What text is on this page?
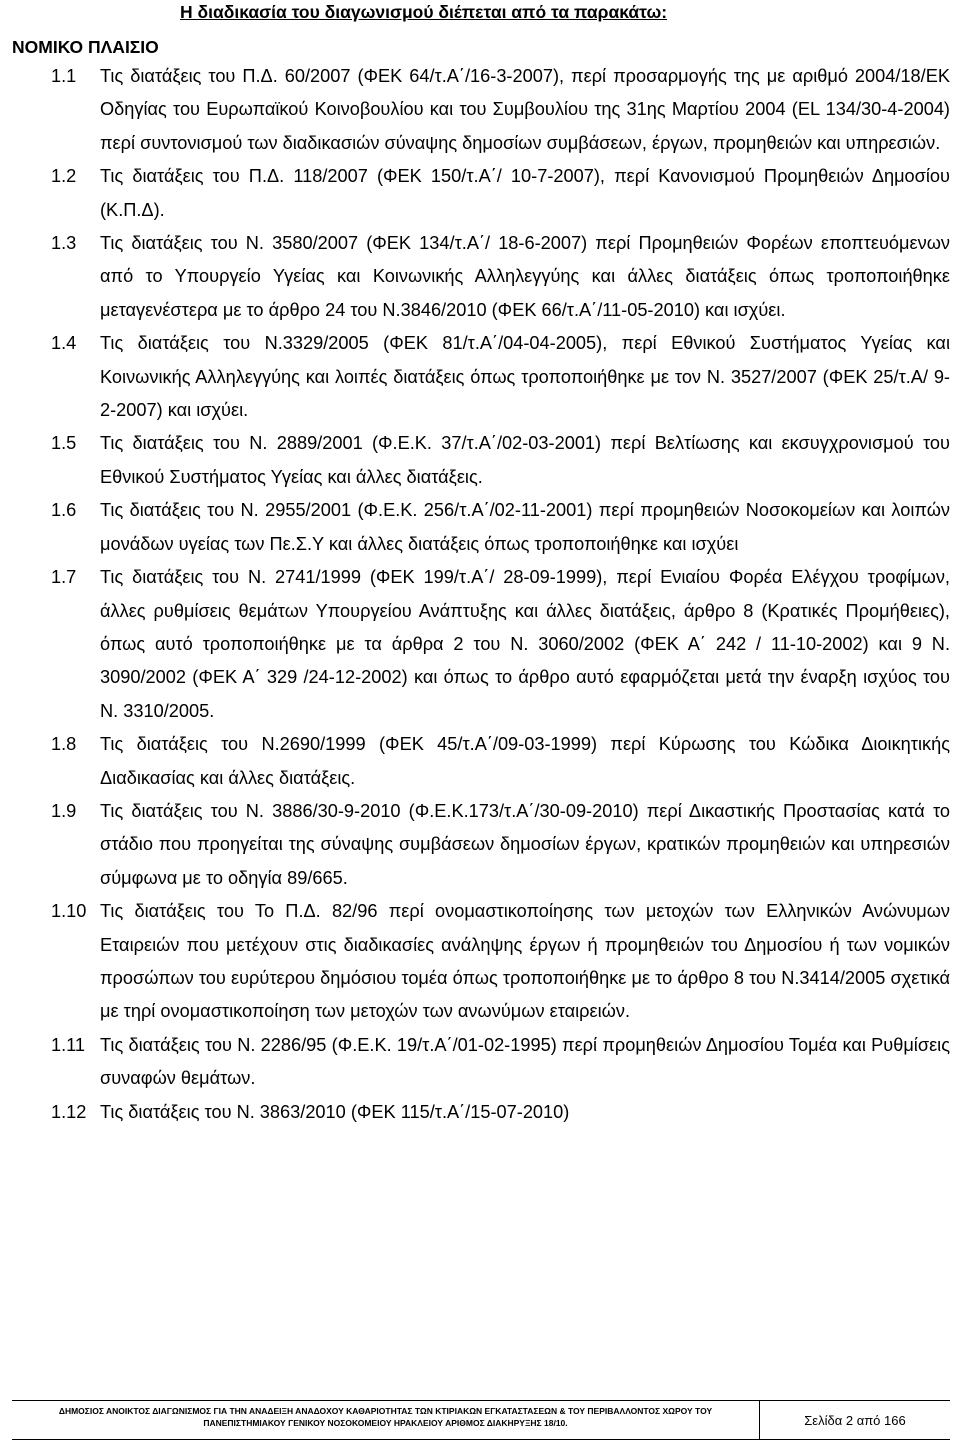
Η διαδικασία του διαγωνισμού διέπεται από τα παρακάτω:
ΝΟΜΙΚΟ ΠΛΑΙΣΙΟ
1.1	Τις διατάξεις του Π.Δ. 60/2007 (ΦΕΚ 64/τ.Α΄/16-3-2007), περί προσαρμογής της με αριθμό 2004/18/ΕΚ Οδηγίας του Ευρωπαϊκού Κοινοβουλίου και του Συμβουλίου της 31ης Μαρτίου 2004 (EL 134/30-4-2004) περί συντονισμού των διαδικασιών σύναψης δημοσίων συμβάσεων, έργων, προμηθειών και υπηρεσιών.
1.2	Τις διατάξεις του Π.Δ. 118/2007 (ΦΕΚ 150/τ.Α΄/ 10-7-2007), περί Κανονισμού Προμηθειών Δημοσίου (Κ.Π.Δ).
1.3	Τις διατάξεις του Ν. 3580/2007 (ΦΕΚ 134/τ.Α΄/ 18-6-2007) περί Προμηθειών Φορέων εποπτευόμενων από το Υπουργείο Υγείας και Κοινωνικής Αλληλεγγύης και άλλες διατάξεις όπως τροποποιήθηκε μεταγενέστερα με το άρθρο 24 του Ν.3846/2010 (ΦΕΚ 66/τ.Α΄/11-05-2010) και ισχύει.
1.4	Τις διατάξεις του Ν.3329/2005 (ΦΕΚ 81/τ.Α΄/04-04-2005), περί Εθνικού Συστήματος Υγείας και Κοινωνικής Αλληλεγγύης και λοιπές διατάξεις όπως τροποποιήθηκε με τον Ν. 3527/2007 (ΦΕΚ 25/τ.Α/ 9-2-2007) και ισχύει.
1.5	Τις διατάξεις του Ν. 2889/2001 (Φ.Ε.Κ. 37/τ.Α΄/02-03-2001) περί Βελτίωσης και εκσυγχρονισμού του Εθνικού Συστήματος Υγείας και άλλες διατάξεις.
1.6	Τις διατάξεις του Ν. 2955/2001 (Φ.Ε.Κ. 256/τ.Α΄/02-11-2001) περί προμηθειών Νοσοκομείων και λοιπών μονάδων υγείας των Πε.Σ.Υ και άλλες διατάξεις όπως τροποποιήθηκε και ισχύει
1.7	Τις διατάξεις του Ν. 2741/1999 (ΦΕΚ 199/τ.Α΄/ 28-09-1999), περί Ενιαίου Φορέα Ελέγχου τροφίμων, άλλες ρυθμίσεις θεμάτων Υπουργείου Ανάπτυξης και άλλες διατάξεις, άρθρο 8 (Κρατικές Προμήθειες), όπως αυτό τροποποιήθηκε με τα άρθρα 2 του Ν. 3060/2002 (ΦΕΚ Α΄ 242 / 11-10-2002) και 9 Ν. 3090/2002 (ΦΕΚ Α΄ 329 /24-12-2002) και όπως το άρθρο αυτό εφαρμόζεται μετά την έναρξη ισχύος του Ν. 3310/2005.
1.8	Τις διατάξεις του Ν.2690/1999 (ΦΕΚ 45/τ.Α΄/09-03-1999) περί Κύρωσης του Κώδικα Διοικητικής Διαδικασίας και άλλες διατάξεις.
1.9	Τις διατάξεις του Ν. 3886/30-9-2010 (Φ.Ε.Κ.173/τ.Α΄/30-09-2010) περί Δικαστικής Προστασίας κατά το στάδιο που προηγείται της σύναψης συμβάσεων δημοσίων έργων, κρατικών προμηθειών και υπηρεσιών σύμφωνα με το οδηγία 89/665.
1.10 Τις διατάξεις του Το Π.Δ. 82/96 περί ονομαστικοποίησης των μετοχών των Ελληνικών Ανώνυμων Εταιρειών που μετέχουν στις διαδικασίες ανάληψης έργων ή προμηθειών του Δημοσίου ή των νομικών προσώπων του ευρύτερου δημόσιου τομέα όπως τροποποιήθηκε με το άρθρο 8 του Ν.3414/2005 σχετικά με τηρί ονομαστικοποίηση των μετοχών των ανωνύμων εταιρειών.
1.11 Τις διατάξεις του Ν. 2286/95 (Φ.Ε.Κ. 19/τ.Α΄/01-02-1995) περί προμηθειών Δημοσίου Τομέα και Ρυθμίσεις συναφών θεμάτων.
1.12 Τις διατάξεις του Ν. 3863/2010 (ΦΕΚ 115/τ.Α΄/15-07-2010)
ΔΗΜΟΣΙΟΣ ΑΝΟΙΚΤΟΣ ΔΙΑΓΩΝΙΣΜΟΣ ΓΙΑ ΤΗΝ ΑΝΑΔΕΙΞΗ ΑΝΑΔΟΧΟΥ ΚΑΘΑΡΙΟΤΗΤΑΣ ΤΩΝ ΚΤΙΡΙΑΚΩΝ ΕΓΚΑΤΑΣΤΑΣΕΩΝ & ΤΟΥ ΠΕΡΙΒΑΛΛΟΝΤΟΣ ΧΩΡΟΥ ΤΟΥ
ΠΑΝΕΠΙΣΤΗΜΙΑΚΟΥ ΓΕΝΙΚΟΥ ΝΟΣΟΚΟΜΕΙΟΥ ΗΡΑΚΛΕΙΟΥ ΑΡΙΘΜΟΣ ΔΙΑΚΗΡΥΞΗΣ 18/10.	Σελίδα 2 από 166
